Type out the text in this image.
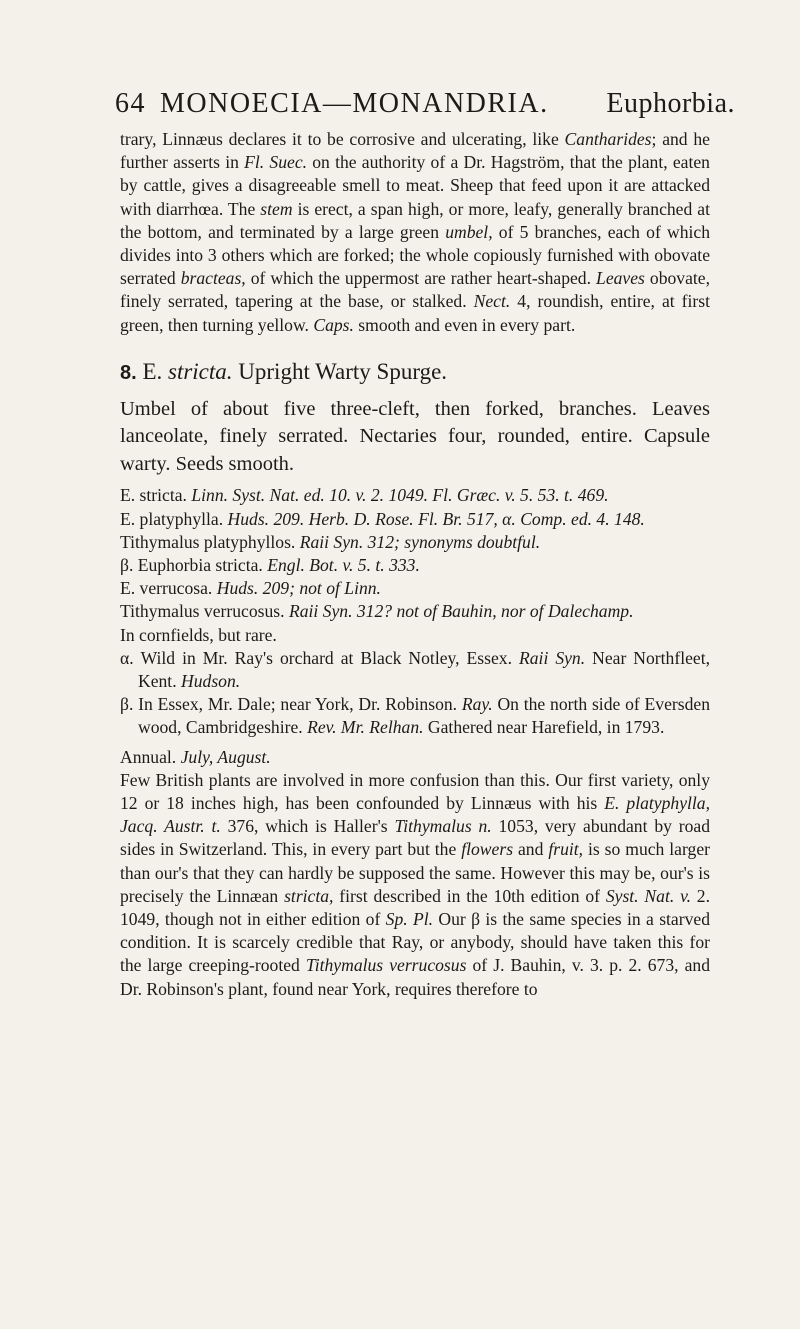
64 MONOECIA—MONANDRIA. Euphorbia.

trary, Linnæus declares it to be corrosive and ulcerating, like Cantharides; and he further asserts in Fl. Suec. on the authority of a Dr. Hagström, that the plant, eaten by cattle, gives a disagreeable smell to meat. Sheep that feed upon it are attacked with diarrhœa. The stem is erect, a span high, or more, leafy, generally branched at the bottom, and terminated by a large green umbel, of 5 branches, each of which divides into 3 others which are forked; the whole copiously furnished with obovate serrated bracteas, of which the uppermost are rather heart-shaped. Leaves obovate, finely serrated, tapering at the base, or stalked. Nect. 4, roundish, entire, at first green, then turning yellow. Caps. smooth and even in every part.

8. E. stricta. Upright Warty Spurge.

Umbel of about five three-cleft, then forked, branches. Leaves lanceolate, finely serrated. Nectaries four, rounded, entire. Capsule warty. Seeds smooth.

E. stricta. Linn. Syst. Nat. ed. 10. v. 2. 1049. Fl. Græc. v. 5. 53. t. 469.

E. platyphylla. Huds. 209. Herb. D. Rose. Fl. Br. 517, α. Comp. ed. 4. 148.

Tithymalus platyphyllos. Raii Syn. 312; synonyms doubtful.

β. Euphorbia stricta. Engl. Bot. v. 5. t. 333.

E. verrucosa. Huds. 209; not of Linn.

Tithymalus verrucosus. Raii Syn. 312? not of Bauhin, nor of Dalechamp.

In cornfields, but rare.

α. Wild in Mr. Ray's orchard at Black Notley, Essex. Raii Syn. Near Northfleet, Kent. Hudson.

β. In Essex, Mr. Dale; near York, Dr. Robinson. Ray. On the north side of Eversden wood, Cambridgeshire. Rev. Mr. Relhan. Gathered near Harefield, in 1793.

Annual. July, August.

Few British plants are involved in more confusion than this. Our first variety, only 12 or 18 inches high, has been confounded by Linnæus with his E. platyphylla, Jacq. Austr. t. 376, which is Haller's Tithymalus n. 1053, very abundant by road sides in Switzerland. This, in every part but the flowers and fruit, is so much larger than our's that they can hardly be supposed the same. However this may be, our's is precisely the Linnæan stricta, first described in the 10th edition of Syst. Nat. v. 2. 1049, though not in either edition of Sp. Pl. Our β is the same species in a starved condition. It is scarcely credible that Ray, or anybody, should have taken this for the large creeping-rooted Tithymalus verrucosus of J. Bauhin, v. 3. p. 2. 673, and Dr. Robinson's plant, found near York, requires therefore to
